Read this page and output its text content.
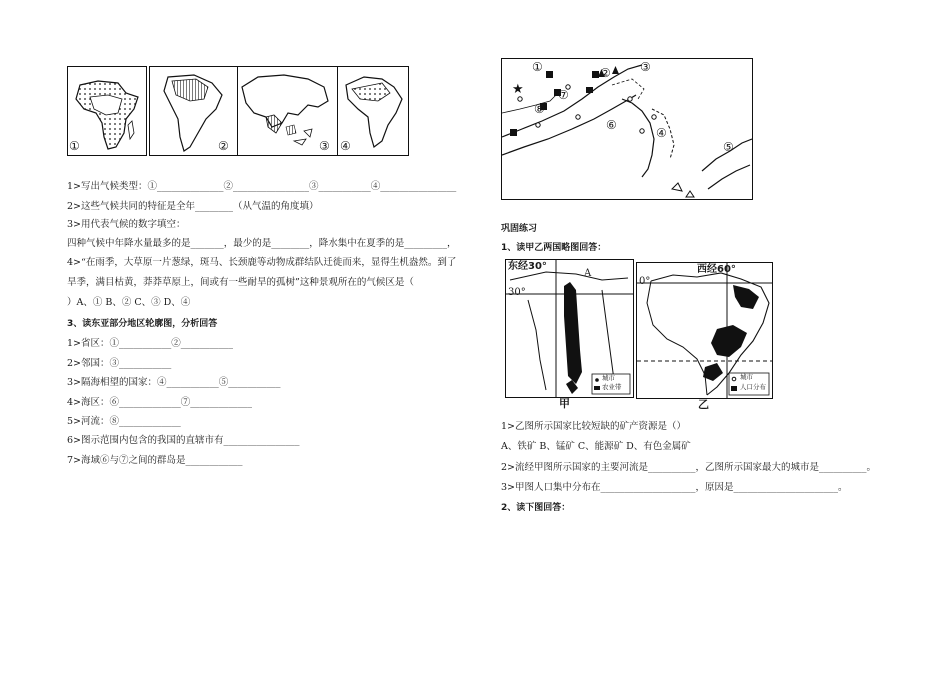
①	②	③ ④
1>写出气候类型：①______________②________________③___________④________________
2>这些气候共同的特征是全年________（从气温的角度填）
3>用代表气候的数字填空：
四种气候中年降水量最多的是_______，最少的是________，降水集中在夏季的是_________，
4>“在雨季，大草原一片葱绿，斑马、长颈鹿等动物成群结队迁徙而来，显得生机盎然。到了
旱季，满目枯黄，莽莽草原上，间或有一些耐旱的孤树”这种景观所在的气候区是（
）A、① B、② C、③ D、④
3、读东亚部分地区轮廓图，分析回答
1>省区：①___________②___________
2>邻国：③___________
3>隔海相望的国家：④___________⑤___________
4>海区：⑥_____________⑦_____________
5>河流：⑧_____________
6>图示范围内包含的我国的直辖市有________________
7>海域⑥与⑦之间的群岛是____________
★
①	② ③
④
⑤
⑥
⑦
⑧
巩固练习
1、读甲乙两国略图回答：
东经30°
30°
A
城市
农业带
甲
西经60°
0°
城市
人口分布
乙
1>乙图所示国家比较短缺的矿产资源是（）
A、铁矿 B、锰矿 C、能源矿 D、有色金属矿
2>流经甲图所示国家的主要河流是__________，乙图所示国家最大的城市是__________。
3>甲图人口集中分布在____________________，原因是______________________。
2、读下图回答：
